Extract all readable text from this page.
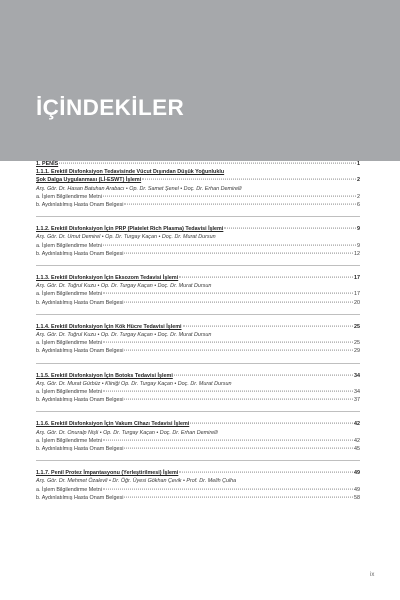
İÇİNDEKİLER
1. PENİS	1
1.1.1. Erektil Disfonksiyon Tedavisinde Vücut Dışından Düşük Yoğunluklu
Şok Dalga Uygulanması (Lİ-ESWT) İşlemi	2
Arş. Gör. Dr. Hasan Batuhan Arabacı • Op. Dr. Samet Şenel • Doç. Dr. Erhan Demirelli
a. İşlem Bilgilendirme Metni	2
b. Aydınlatılmış Hasta Onam Belgesi	6
1.1.2. Erektil Disfonksiyon İçin PRP (Platelet Rich Plasma) Tedavisi İşlemi	9
Arş. Gör. Dr. Umut Demirel • Op. Dr. Turgay Kaçan • Doç. Dr. Murat Dursun
a. İşlem Bilgilendirme Metni	9
b. Aydınlatılmış Hasta Onam Belgesi	12
1.1.3. Erektil Disfonksiyon İçin Eksozom Tedavisi İşlemi	17
Arş. Gör. Dr. Tuğrul Kuzu • Op. Dr. Turgay Kaçan • Doç. Dr. Murat Dursun
a. İşlem Bilgilendirme Metni	17
b. Aydınlatılmış Hasta Onam Belgesi	20
1.1.4. Erektil Disfonksiyon İçin Kök Hücre Tedavisi İşlemi	25
Arş. Gör. Dr. Tuğrul Kuzu • Op. Dr. Turgay Kaçan • Doç. Dr. Murat Dursun
a. İşlem Bilgilendirme Metni	25
b. Aydınlatılmış Hasta Onam Belgesi	29
1.1.5. Erektil Disfonksiyon İçin Botoks Tedavisi İşlemi	34
Arş. Gör. Dr. Murat Gürbüz • Kliniği Op. Dr. Turgay Kaçan • Doç. Dr. Murat Dursun
a. İşlem Bilgilendirme Metni	34
b. Aydınlatılmış Hasta Onam Belgesi	37
1.1.6. Erektil Disfonksiyon İçin Vakum Cihazı Tedavisi İşlemi	42
Arş. Gör. Dr. Onuralp Nişli • Op. Dr. Turgay Kaçan • Doç. Dr. Erhan Demirelli
a. İşlem Bilgilendirme Metni	42
b. Aydınlatılmış Hasta Onam Belgesi	45
1.1.7. Penil Protez İmpantasyonu (Yerleştirilmesi) İşlemi	49
Arş. Gör. Dr. Mehmet Özalevli • Dr. Öğr. Üyesi Gökhan Çevik • Prof. Dr. Melih Çulha
a. İşlem Bilgilendirme Metni	49
b. Aydınlatılmış Hasta Onam Belgesi	58
ix
